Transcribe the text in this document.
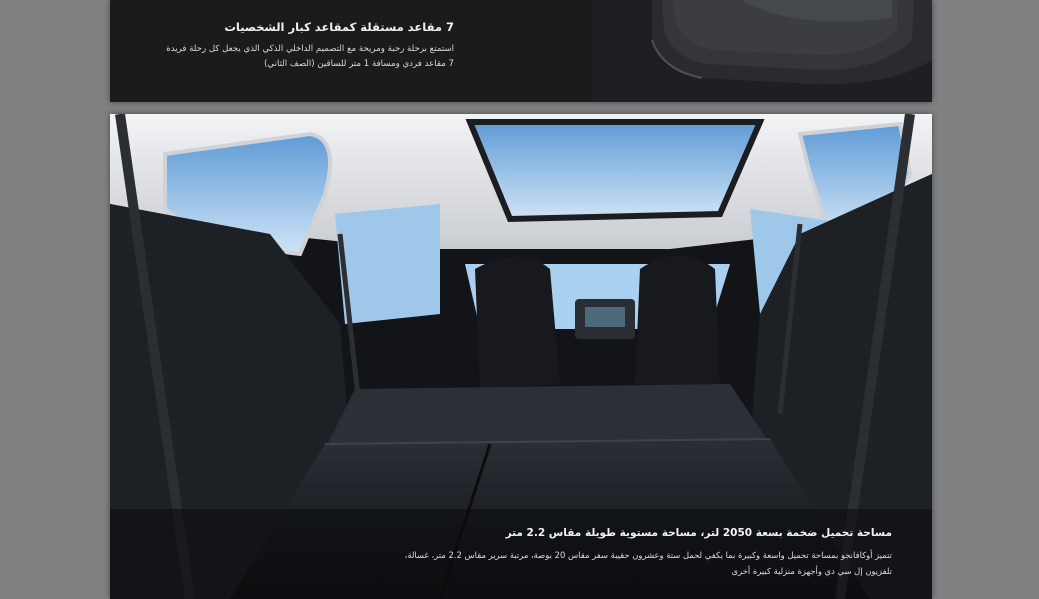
7 مقاعد مستقلة كمقاعد كبار الشخصيات

استمتع برحلة رحبة ومريحة مع التصميم الداخلي الذكي الذي يجعل كل رحلة فريدة

7 مقاعد فردي ومسافة 1 متر للساقين (الصف الثاني)

مساحة تحميل ضخمة بسعة 2050 لتر، مساحة مستوية طويلة مقاس 2.2 متر

تتميز أوكافانجو بمساحة تحميل واسعة وكبيرة بما يكفي لحمل ستة وعشرون حقيبة سفر مقاس 20 بوصة، مرتبة سرير مقاس 2.2 متر، غسالة،

تلفزيون إل سي دي وأجهزة منزلية كبيرة أخرى
